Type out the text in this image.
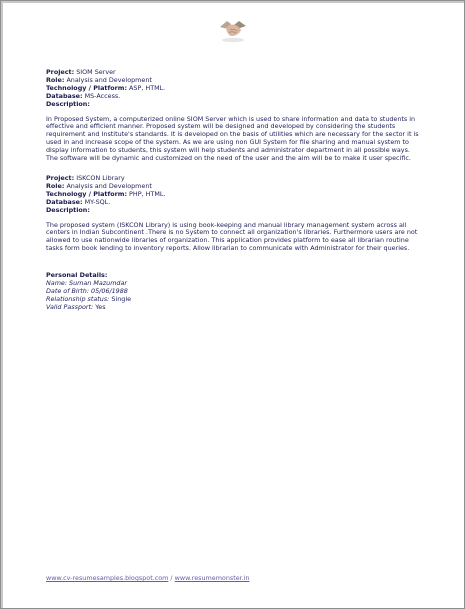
Project: SIOM Server
Role: Analysis and Development
Technology / Platform: ASP, HTML.
Database: MS-Access.
Description:

In Proposed System, a computerized online SIOM Server which is used to share information and data to students in effective and efficient manner. Proposed system will be designed and developed by considering the students requirement and Institute's standards. It is developed on the basis of utilities which are necessary for the sector it is used in and increase scope of the system. As we are using non GUI System for file sharing and manual system to display information to students, this system will help students and administrator department in all possible ways. The software will be dynamic and customized on the need of the user and the aim will be to make it user specific.

Project: ISKCON Library
Role: Analysis and Development
Technology / Platform: PHP, HTML.
Database: MY-SQL.
Description:

The proposed system (ISKCON Library) is using book-keeping and manual library management system across all centers in Indian Subcontinent .There is no System to connect all organization's libraries. Furthermore users are not allowed to use nationwide libraries of organization. This application provides platform to ease all librarian routine tasks form book lending to inventory reports. Allow librarian to communicate with Administrator for their queries.

Personal Details:
Name: Suman Mazumdar
Date of Birth: 05/06/1988
Relationship status: Single
Valid Passport: Yes
www.cv-resumesamples.blogspot.com / www.resumemonster.in
